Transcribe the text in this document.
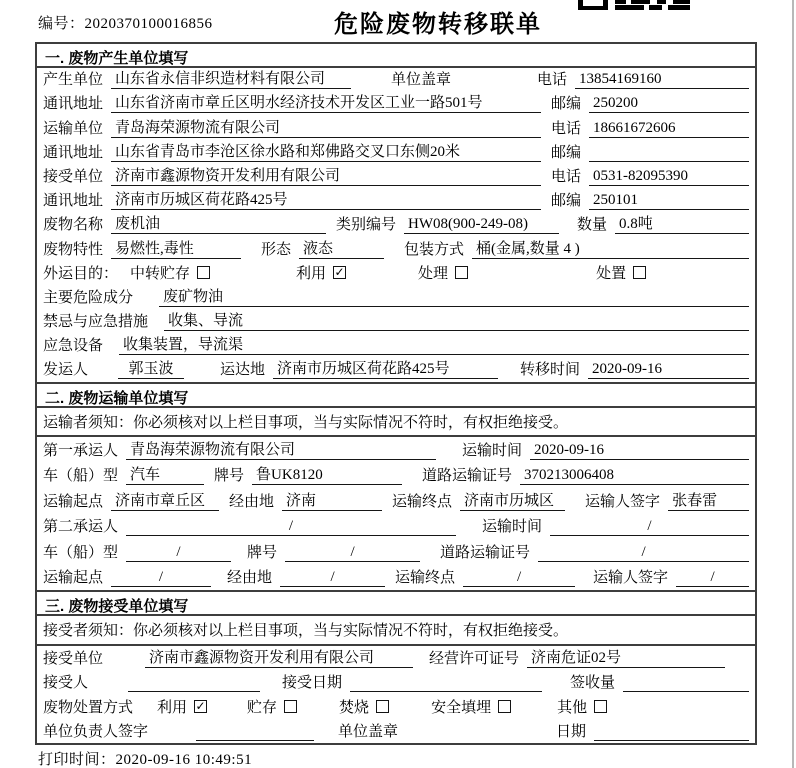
编号：2020370100016856	危险废物转移联单
一. 废物产生单位填写
产生单位 山东省永信非织造材料有限公司	单位盖章	电话 13854169160
通讯地址 山东省济南市章丘区明水经济技术开发区工业一路501号	邮编 250200
运输单位 青岛海荣源物流有限公司	电话 18661672606
通讯地址 山东省青岛市李沧区徐水路和郑佛路交叉口东侧20米	邮编
接受单位 济南市鑫源物资开发利用有限公司	电话 0531-82095390
通讯地址 济南市历城区荷花路425号	邮编 250101
废物名称 废机油	类别编号 HW08(900-249-08)	数量 0.8吨
废物特性 易燃性,毒性	形态 液态	包装方式 桶(金属,数量 4 )
外运目的： 中转贮存	利用 ✓	处理	处置
主要危险成分 废矿物油
禁忌与应急措施 收集、导流
应急设备 收集装置，导流渠
发运人	郭玉波	运达地 济南市历城区荷花路425号	转移时间 2020-09-16
二. 废物运输单位填写
运输者须知：你必须核对以上栏目事项，当与实际情况不符时，有权拒绝接受。
第一承运人 青岛海荣源物流有限公司	运输时间 2020-09-16
车（船）型 汽车	牌号 鲁UK8120	道路运输证号 370213006408
运输起点 济南市章丘区	经由地 济南	运输终点 济南市历城区	运输人签字 张春雷
第二承运人	/	运输时间	/
车（船）型	/	牌号	/	道路运输证号	/
运输起点	/	经由地	/	运输终点	/	运输人签字	/
三. 废物接受单位填写
接受者须知：你必须核对以上栏目事项，当与实际情况不符时，有权拒绝接受。
接受单位	济南市鑫源物资开发利用有限公司	经营许可证号 济南危证02号
接受人	接受日期	签收量
废物处置方式 利用 ✓	贮存	焚烧	安全填埋	其他
单位负责人签字	单位盖章	日期
打印时间：2020-09-16 10:49:51
